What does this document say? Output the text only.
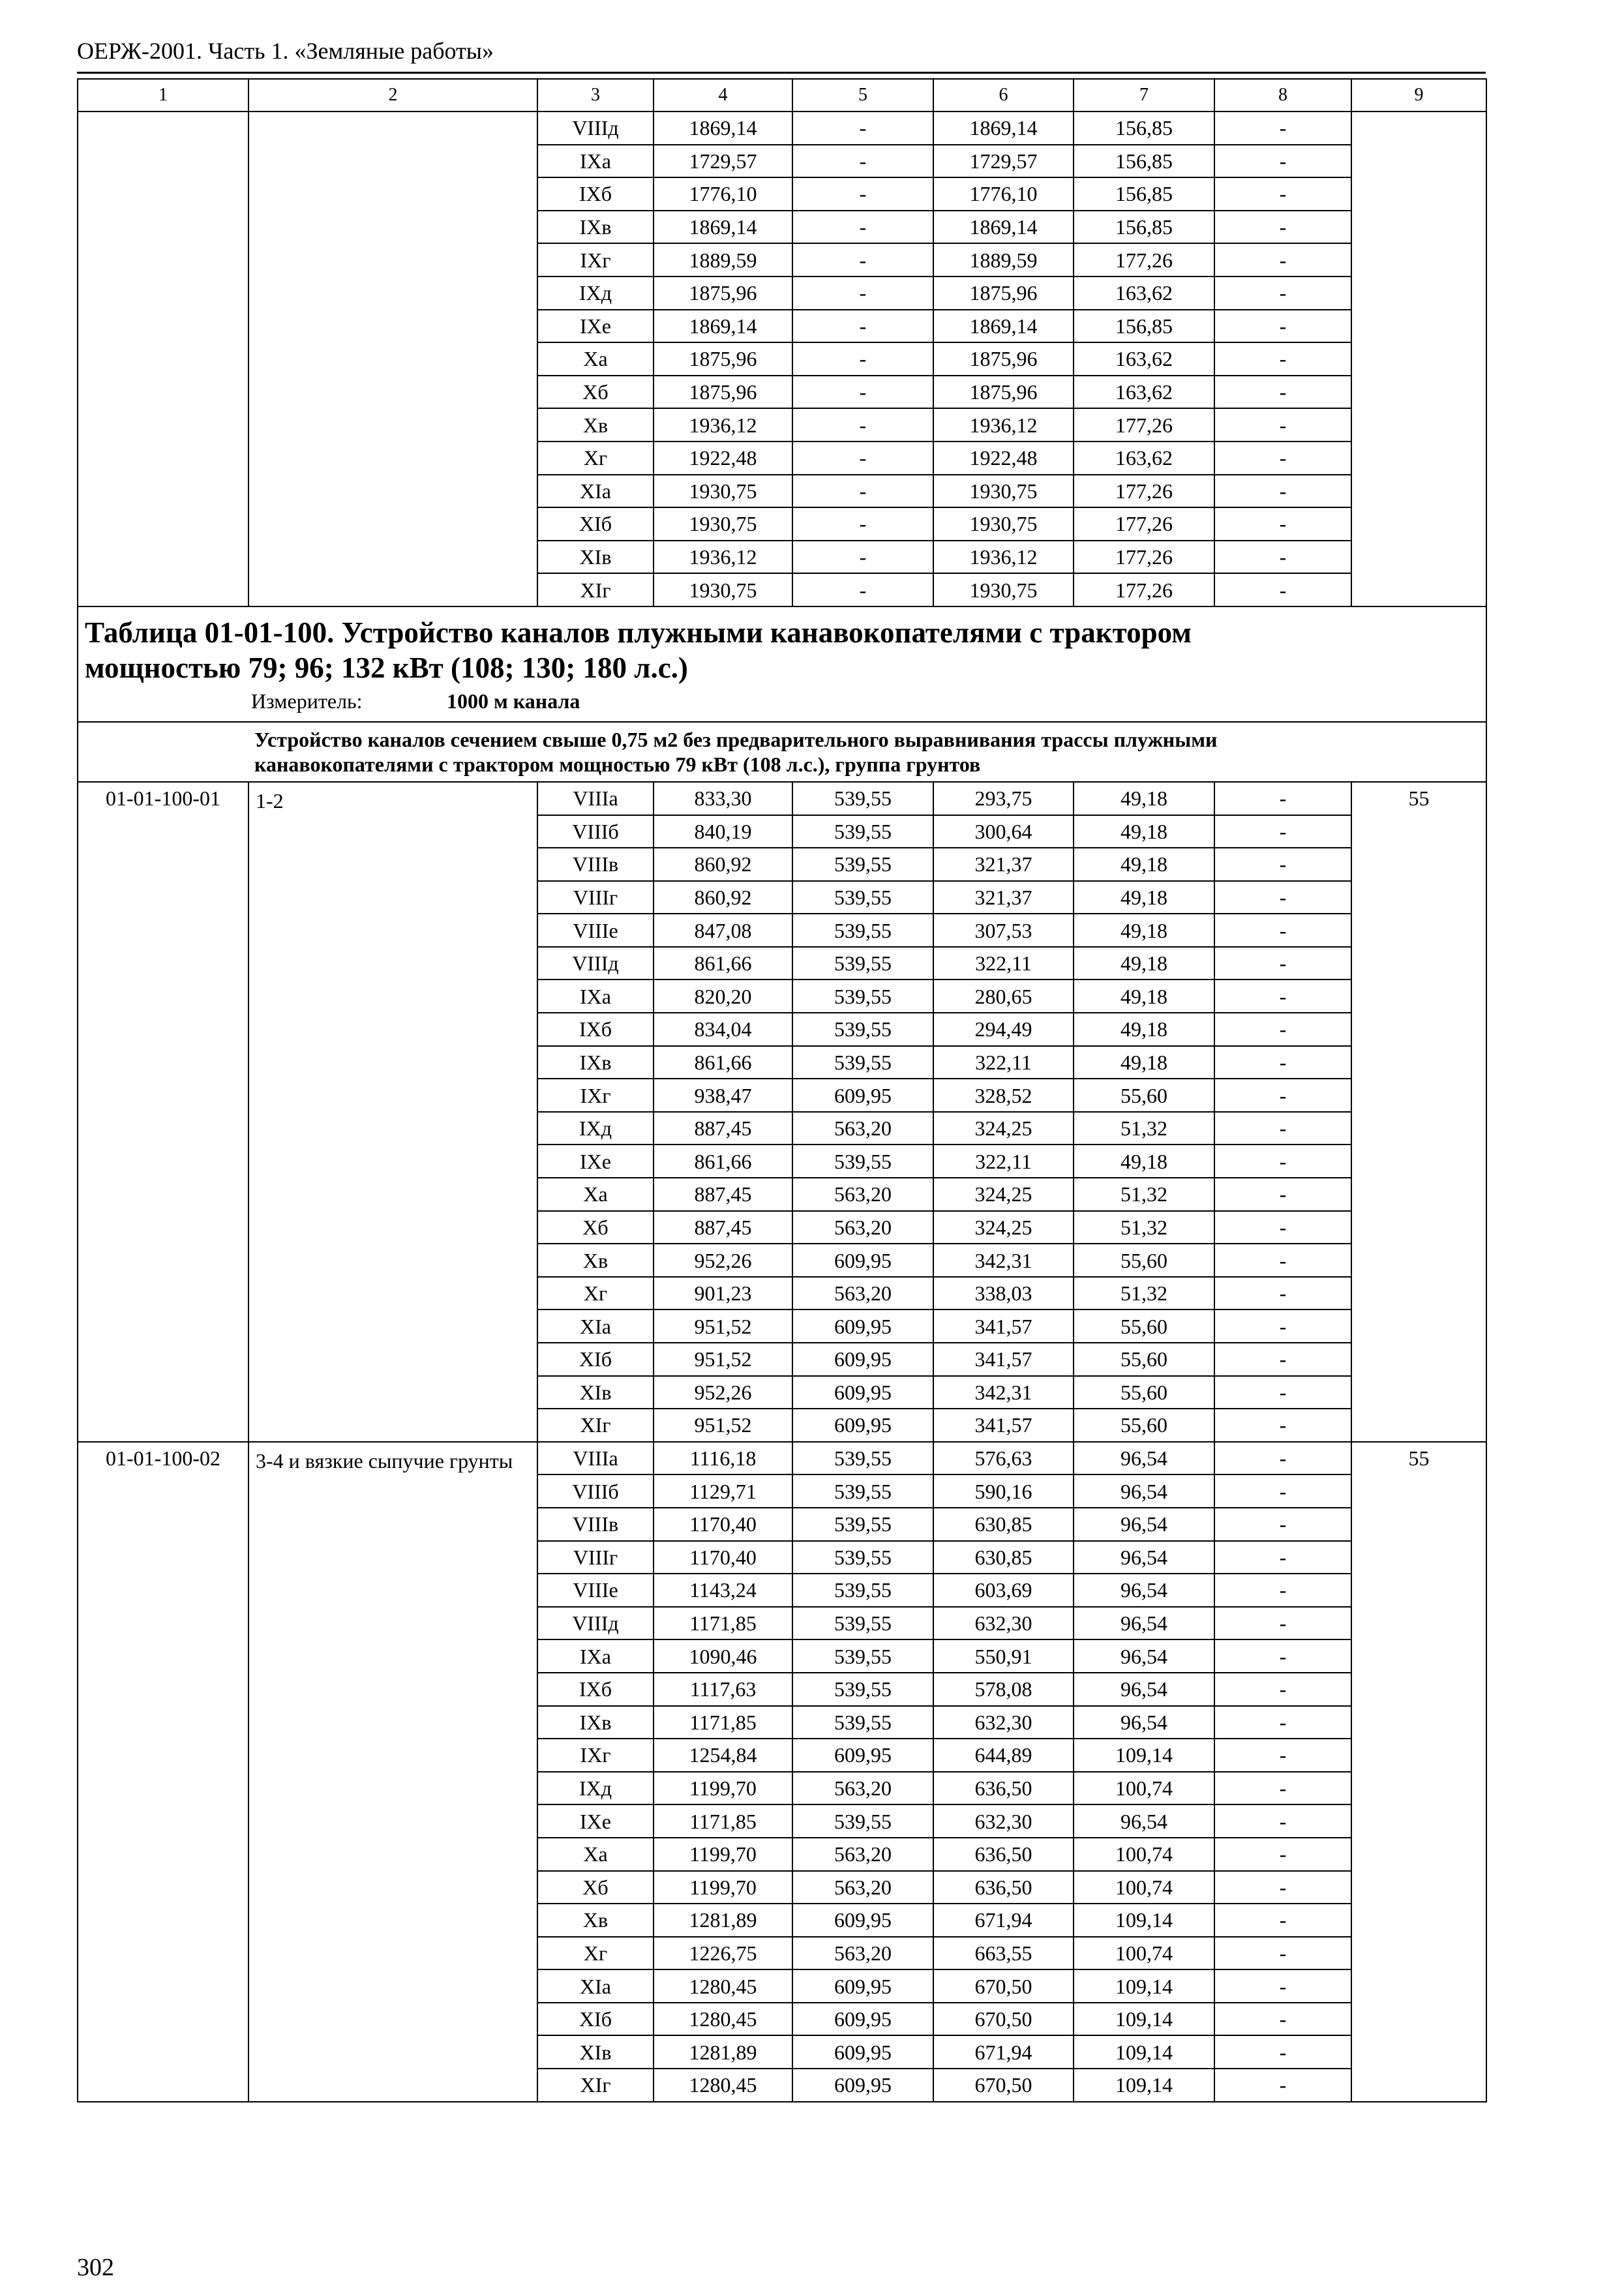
ОЕРЖ-2001. Часть 1. «Земляные работы»
1	2	3	4	5	6	7	8	9
		VIIIд	1869,14	-	1869,14	156,85	-	
		IXа	1729,57	-	1729,57	156,85	-	
		IXб	1776,10	-	1776,10	156,85	-	
		IXв	1869,14	-	1869,14	156,85	-	
		IXг	1889,59	-	1889,59	177,26	-	
		IXд	1875,96	-	1875,96	163,62	-	
		IXе	1869,14	-	1869,14	156,85	-	
		Xа	1875,96	-	1875,96	163,62	-	
		Xб	1875,96	-	1875,96	163,62	-	
		Xв	1936,12	-	1936,12	177,26	-	
		Xг	1922,48	-	1922,48	163,62	-	
		XIа	1930,75	-	1930,75	177,26	-	
		XIб	1930,75	-	1930,75	177,26	-	
		XIв	1936,12	-	1936,12	177,26	-	
		XIг	1930,75	-	1930,75	177,26	-	

Таблица 01-01-100. Устройство каналов плужными канавокопателями с трактором
мощностью 79; 96; 132 кВт (108; 130; 180 л.с.)
Измеритель: 1000 м канала								

Устройство каналов сечением свыше 0,75 м2 без предварительного выравнивания трассы плужными
канавокопателями с трактором мощностью 79 кВт (108 л.с.), группа грунтов								

01-01-100-01	1-2	VIIIа	833,30	539,55	293,75	49,18	-	55
		VIIIб	840,19	539,55	300,64	49,18	-	
		VIIIв	860,92	539,55	321,37	49,18	-	
		VIIIг	860,92	539,55	321,37	49,18	-	
		VIIIе	847,08	539,55	307,53	49,18	-	
		VIIIд	861,66	539,55	322,11	49,18	-	
		IXа	820,20	539,55	280,65	49,18	-	
		IXб	834,04	539,55	294,49	49,18	-	
		IXв	861,66	539,55	322,11	49,18	-	
		IXг	938,47	609,95	328,52	55,60	-	
		IXд	887,45	563,20	324,25	51,32	-	
		IXе	861,66	539,55	322,11	49,18	-	
		Xа	887,45	563,20	324,25	51,32	-	
		Xб	887,45	563,20	324,25	51,32	-	
		Xв	952,26	609,95	342,31	55,60	-	
		Xг	901,23	563,20	338,03	51,32	-	
		XIа	951,52	609,95	341,57	55,60	-	
		XIб	951,52	609,95	341,57	55,60	-	
		XIв	952,26	609,95	342,31	55,60	-	
		XIг	951,52	609,95	341,57	55,60	-	
01-01-100-02	3-4 и вязкие сыпучие грунты	VIIIа	1116,18	539,55	576,63	96,54	-	55
		VIIIб	1129,71	539,55	590,16	96,54	-	
		VIIIв	1170,40	539,55	630,85	96,54	-	
		VIIIг	1170,40	539,55	630,85	96,54	-	
		VIIIе	1143,24	539,55	603,69	96,54	-	
		VIIIд	1171,85	539,55	632,30	96,54	-	
		IXа	1090,46	539,55	550,91	96,54	-	
		IXб	1117,63	539,55	578,08	96,54	-	
		IXв	1171,85	539,55	632,30	96,54	-	
		IXг	1254,84	609,95	644,89	109,14	-	
		IXд	1199,70	563,20	636,50	100,74	-	
		IXе	1171,85	539,55	632,30	96,54	-	
		Xа	1199,70	563,20	636,50	100,74	-	
		Xб	1199,70	563,20	636,50	100,74	-	
		Xв	1281,89	609,95	671,94	109,14	-	
		Xг	1226,75	563,20	663,55	100,74	-	
		XIа	1280,45	609,95	670,50	109,14	-	
		XIб	1280,45	609,95	670,50	109,14	-	
		XIв	1281,89	609,95	671,94	109,14	-	
		XIг	1280,45	609,95	670,50	109,14	-	
302
